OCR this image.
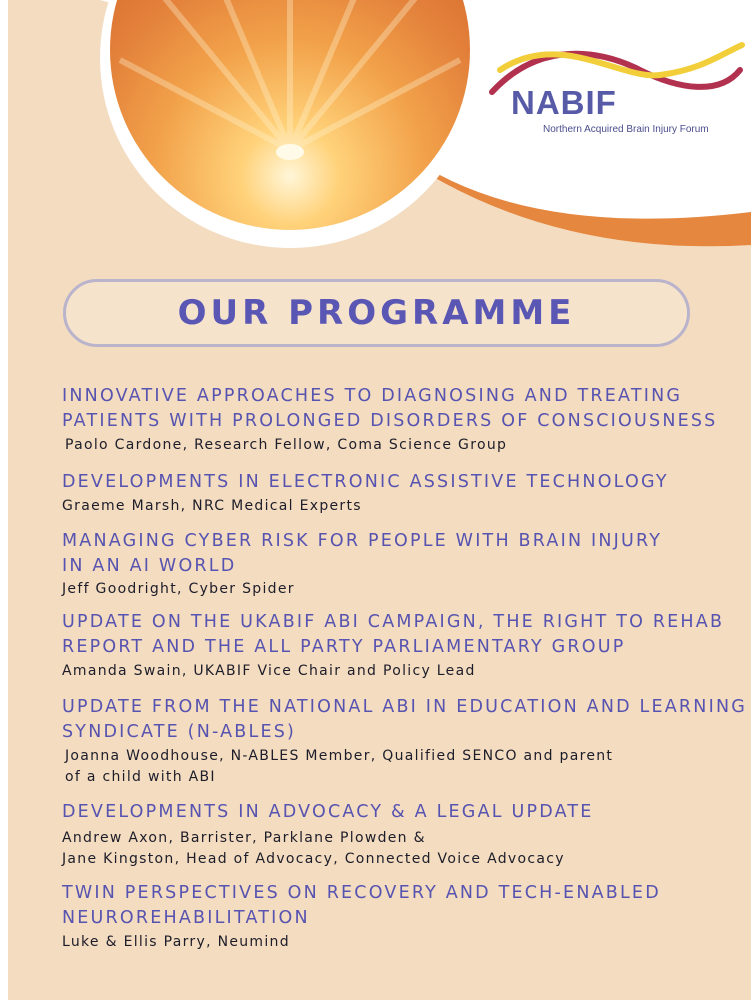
NABIF
Northern Acquired Brain Injury Forum
OUR PROGRAMME
INNOVATIVE APPROACHES TO DIAGNOSING AND TREATING
PATIENTS WITH PROLONGED DISORDERS OF CONSCIOUSNESS
Paolo Cardone, Research Fellow, Coma Science Group
DEVELOPMENTS IN ELECTRONIC ASSISTIVE TECHNOLOGY
Graeme Marsh, NRC Medical Experts
MANAGING CYBER RISK FOR PEOPLE WITH BRAIN INJURY
IN AN AI WORLD
Jeff Goodright, Cyber Spider
UPDATE ON THE UKABIF ABI CAMPAIGN, THE RIGHT TO REHAB
REPORT AND THE ALL PARTY PARLIAMENTARY GROUP
Amanda Swain, UKABIF Vice Chair and Policy Lead
UPDATE FROM THE NATIONAL ABI IN EDUCATION AND LEARNING
SYNDICATE (N-ABLES)
Joanna Woodhouse, N-ABLES Member, Qualified SENCO and parent
of a child with ABI
DEVELOPMENTS IN ADVOCACY & A LEGAL UPDATE
Andrew Axon, Barrister, Parklane Plowden &
Jane Kingston, Head of Advocacy, Connected Voice Advocacy
TWIN PERSPECTIVES ON RECOVERY AND TECH-ENABLED
NEUROREHABILITATION
Luke & Ellis Parry, Neumind
